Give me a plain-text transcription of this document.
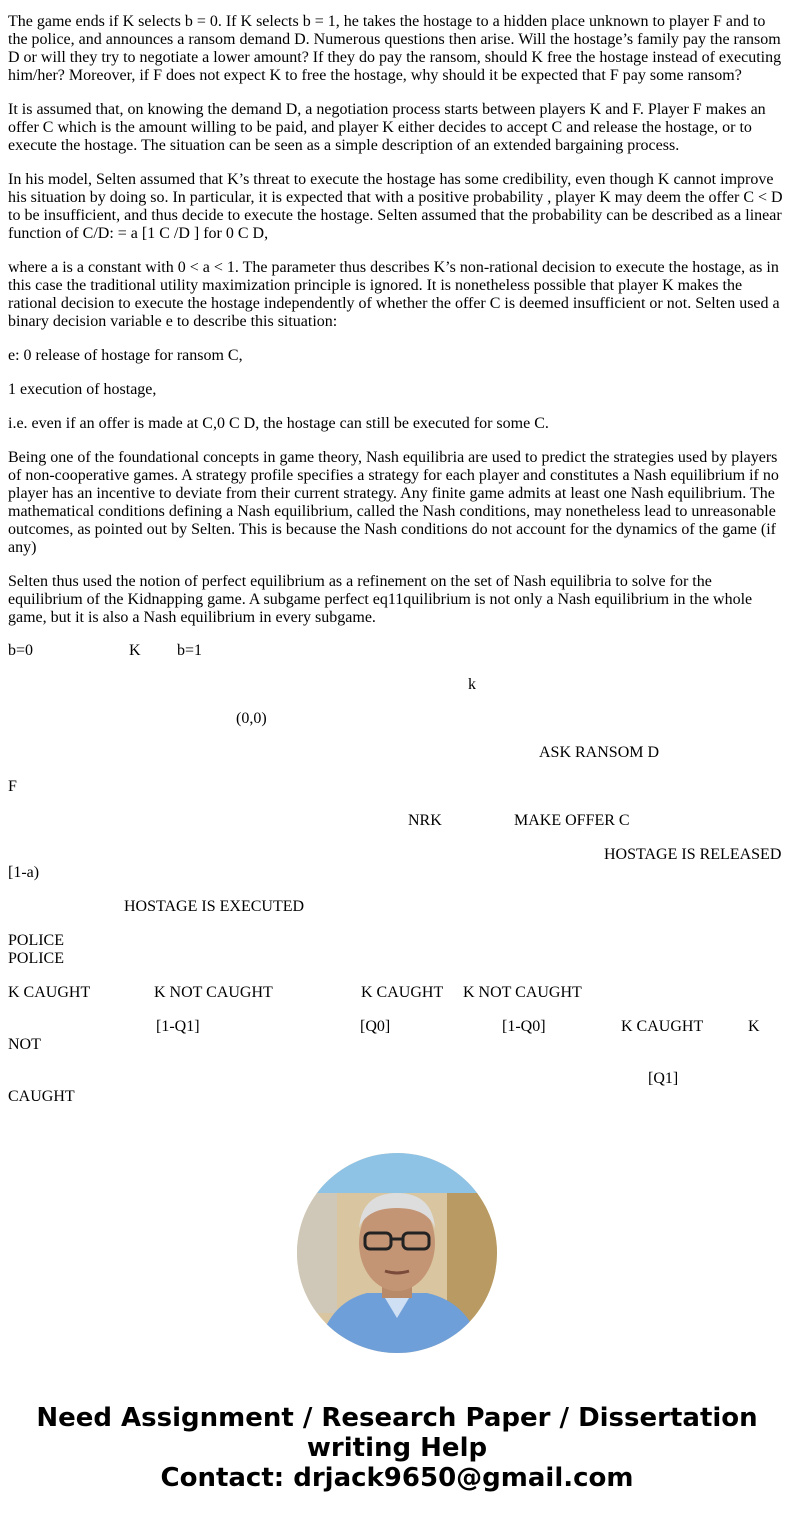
The game ends if K selects b = 0. If K selects b = 1, he takes the hostage to a hidden place unknown to player F and to the police, and announces a ransom demand D. Numerous questions then arise. Will the hostage’s family pay the ransom D or will they try to negotiate a lower amount? If they do pay the ransom, should K free the hostage instead of executing him/her? Moreover, if F does not expect K to free the hostage, why should it be expected that F pay some ransom?

It is assumed that, on knowing the demand D, a negotiation process starts between players K and F. Player F makes an offer C which is the amount willing to be paid, and player K either decides to accept C and release the hostage, or to execute the hostage. The situation can be seen as a simple description of an extended bargaining process.

In his model, Selten assumed that K’s threat to execute the hostage has some credibility, even though K cannot improve his situation by doing so. In particular, it is expected that with a positive probability , player K may deem the offer C < D to be insufficient, and thus decide to execute the hostage. Selten assumed that the probability can be described as a linear function of C/D: = a [1 C /D ] for 0 C D,

where a is a constant with 0 < a < 1. The parameter thus describes K’s non-rational decision to execute the hostage, as in this case the traditional utility maximization principle is ignored. It is nonetheless possible that player K makes the rational decision to execute the hostage independently of whether the offer C is deemed insufficient or not. Selten used a binary decision variable e to describe this situation:

e: 0 release of hostage for ransom C,

1 execution of hostage,

i.e. even if an offer is made at C,0 C D, the hostage can still be executed for some C.

Being one of the foundational concepts in game theory, Nash equilibria are used to predict the strategies used by players of non-cooperative games. A strategy profile specifies a strategy for each player and constitutes a Nash equilibrium if no player has an incentive to deviate from their current strategy. Any finite game admits at least one Nash equilibrium. The mathematical conditions defining a Nash equilibrium, called the Nash conditions, may nonetheless lead to unreasonable outcomes, as pointed out by Selten. This is because the Nash conditions do not account for the dynamics of the game (if any)

Selten thus used the notion of perfect equilibrium as a refinement on the set of Nash equilibria to solve for the equilibrium of the Kidnapping game. A subgame perfect eq11quilibrium is not only a Nash equilibrium in the whole game, but it is also a Nash equilibrium in every subgame.

b=0	K b=1
k
(0,0)
ASK RANSOM D
F
NRK	MAKE OFFER C
HOSTAGE IS RELEASED
[1-a)
HOSTAGE IS EXECUTED
POLICE
POLICE
K CAUGHT	K NOT CAUGHT	K CAUGHT K NOT CAUGHT
[1-Q1]	[Q0]	[1-Q0]	K CAUGHT	K
NOT
[Q1]
CAUGHT
Need Assignment / Research Paper / Dissertation
writing Help
Contact: drjack9650@gmail.com
